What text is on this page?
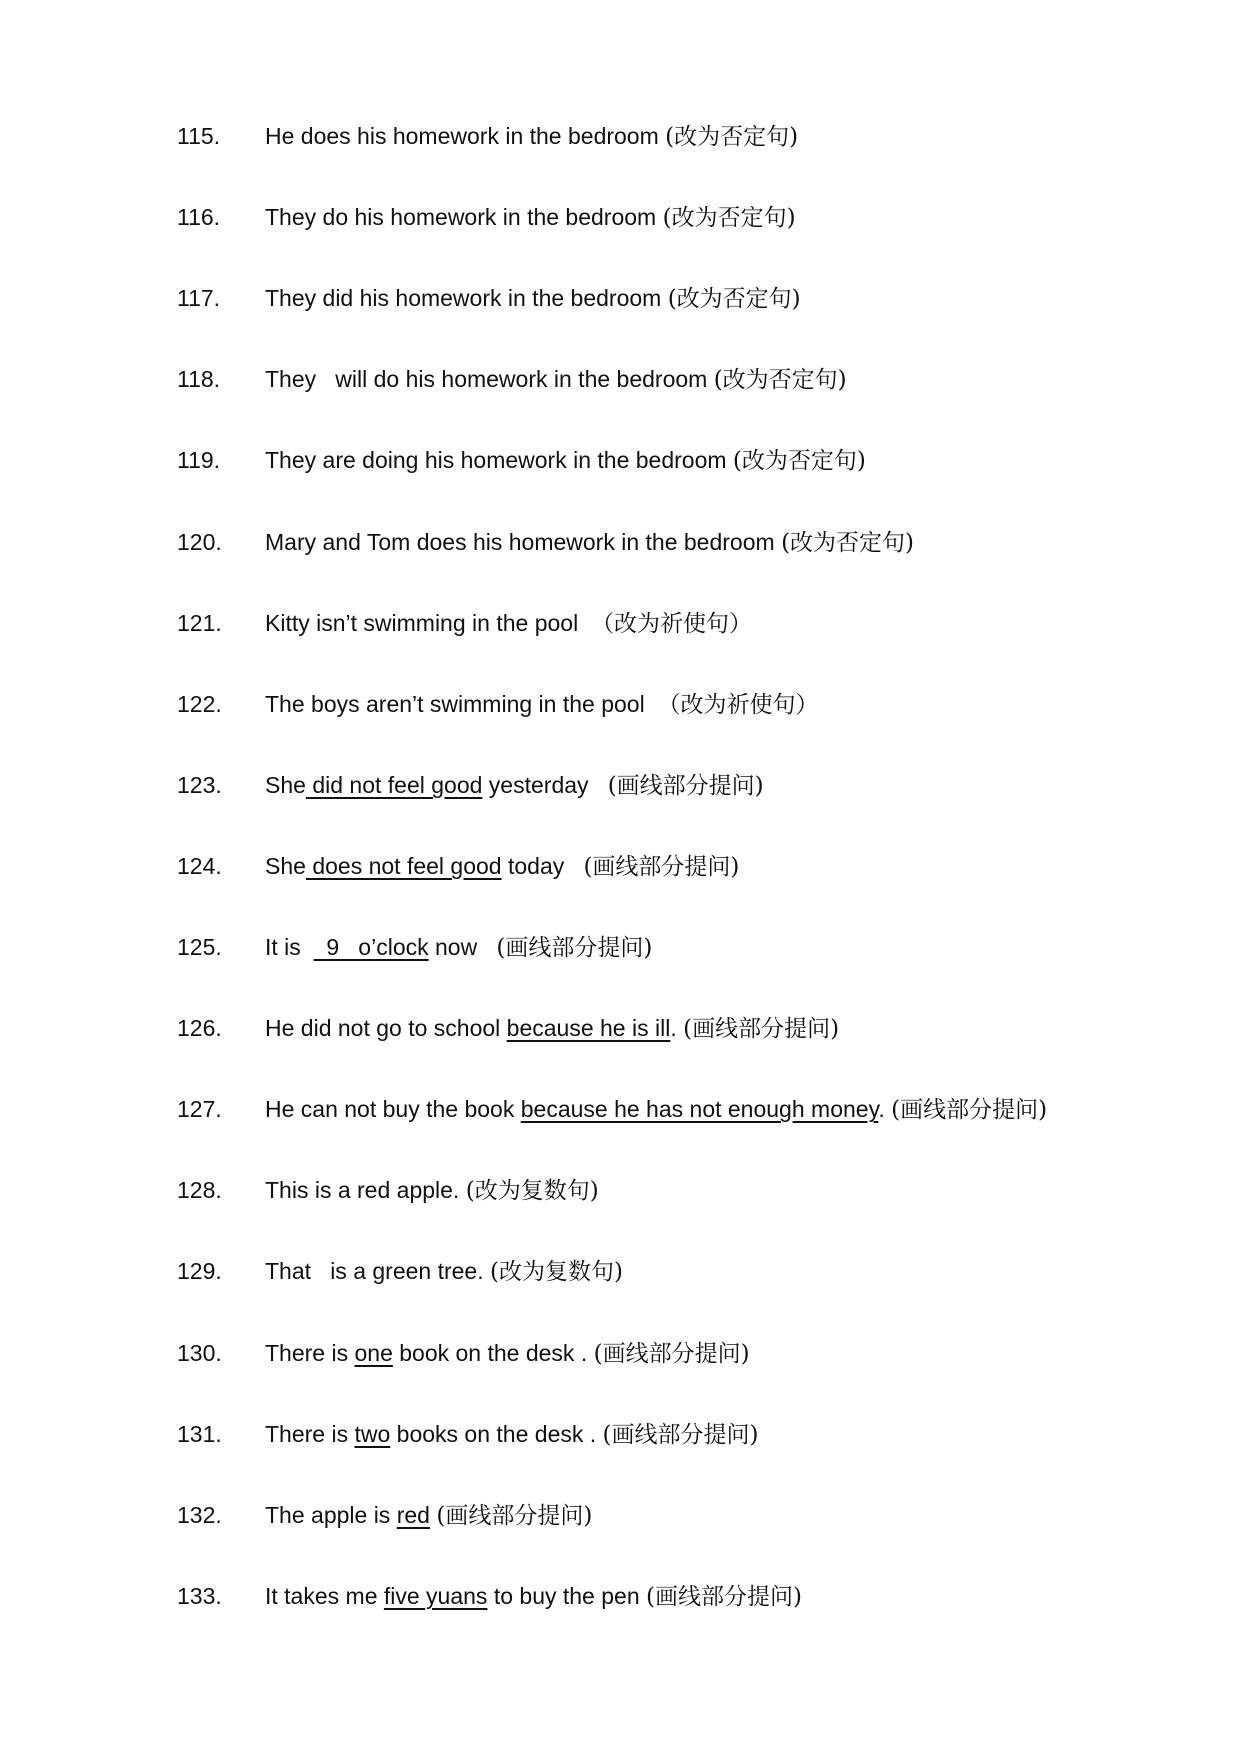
115. He does his homework in the bedroom (改为否定句)
116. They do his homework in the bedroom (改为否定句)
117. They did his homework in the bedroom (改为否定句)
118. They   will do his homework in the bedroom (改为否定句)
119. They are doing his homework in the bedroom (改为否定句)
120. Mary and Tom does his homework in the bedroom (改为否定句)
121. Kitty isn’t swimming in the pool  （改为祈使句）
122. The boys aren’t swimming in the pool  （改为祈使句）
123. She did not feel good yesterday   (画线部分提问)
124. She does not feel good today   (画线部分提问)
125. It is    9   o’clock now   (画线部分提问)
126. He did not go to school because he is ill. (画线部分提问)
127. He can not buy the book because he has not enough money. (画线部分提问)
128. This is a red apple. (改为复数句)
129. That   is a green tree. (改为复数句)
130. There is one book on the desk . (画线部分提问)
131. There is two books on the desk . (画线部分提问)
132. The apple is red (画线部分提问)
133. It takes me five yuans to buy the pen (画线部分提问)
